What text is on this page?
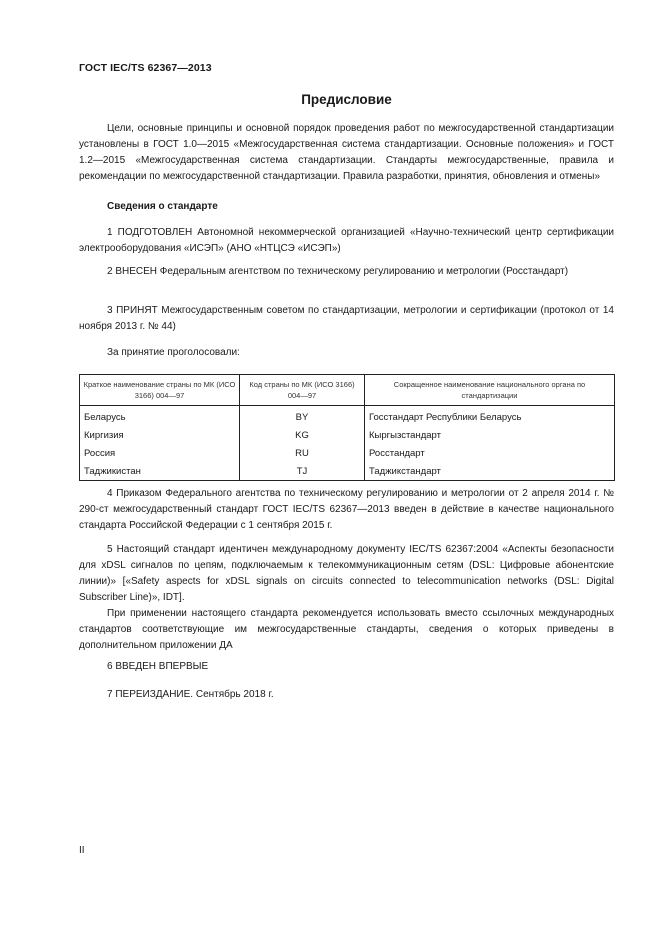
ГОСТ IEC/TS 62367—2013
Предисловие

Цели, основные принципы и основной порядок проведения работ по межгосударственной стандартизации установлены в ГОСТ 1.0—2015 «Межгосударственная система стандартизации. Основные положения» и ГОСТ 1.2—2015 «Межгосударственная система стандартизации. Стандарты межгосударственные, правила и рекомендации по межгосударственной стандартизации. Правила разработки, принятия, обновления и отмены»

Сведения о стандарте

1 ПОДГОТОВЛЕН Автономной некоммерческой организацией «Научно-технический центр сертификации электрооборудования «ИСЭП» (АНО «НТЦСЭ «ИСЭП»)

2 ВНЕСЕН Федеральным агентством по техническому регулированию и метрологии (Росстандарт)

3 ПРИНЯТ Межгосударственным советом по стандартизации, метрологии и сертификации (протокол от 14 ноября 2013 г. № 44)

За принятие проголосовали:

Краткое наименование страны по МК (ИСО 3166) 004—97	Код страны по МК (ИСО 3166) 004—97	Сокращенное наименование национального органа по стандартизации
Беларусь	BY	Госстандарт Республики Беларусь
Киргизия	KG	Кыргызстандарт
Россия	RU	Росстандарт
Таджикистан	TJ	Таджикстандарт

4 Приказом Федерального агентства по техническому регулированию и метрологии от 2 апреля 2014 г. № 290-ст межгосударственный стандарт ГОСТ IEC/TS 62367—2013 введен в действие в качестве национального стандарта Российской Федерации с 1 сентября 2015 г.

5 Настоящий стандарт идентичен международному документу IEC/TS 62367:2004 «Аспекты безопасности для xDSL сигналов по цепям, подключаемым к телекоммуникационным сетям (DSL: Цифровые абонентские линии)» [«Safety aspects for xDSL signals on circuits connected to telecommunication networks (DSL: Digital Subscriber Line)», IDT].

При применении настоящего стандарта рекомендуется использовать вместо ссылочных международных стандартов соответствующие им межгосударственные стандарты, сведения о которых приведены в дополнительном приложении ДА

6 ВВЕДЕН ВПЕРВЫЕ

7 ПЕРЕИЗДАНИЕ. Сентябрь 2018 г.

II
